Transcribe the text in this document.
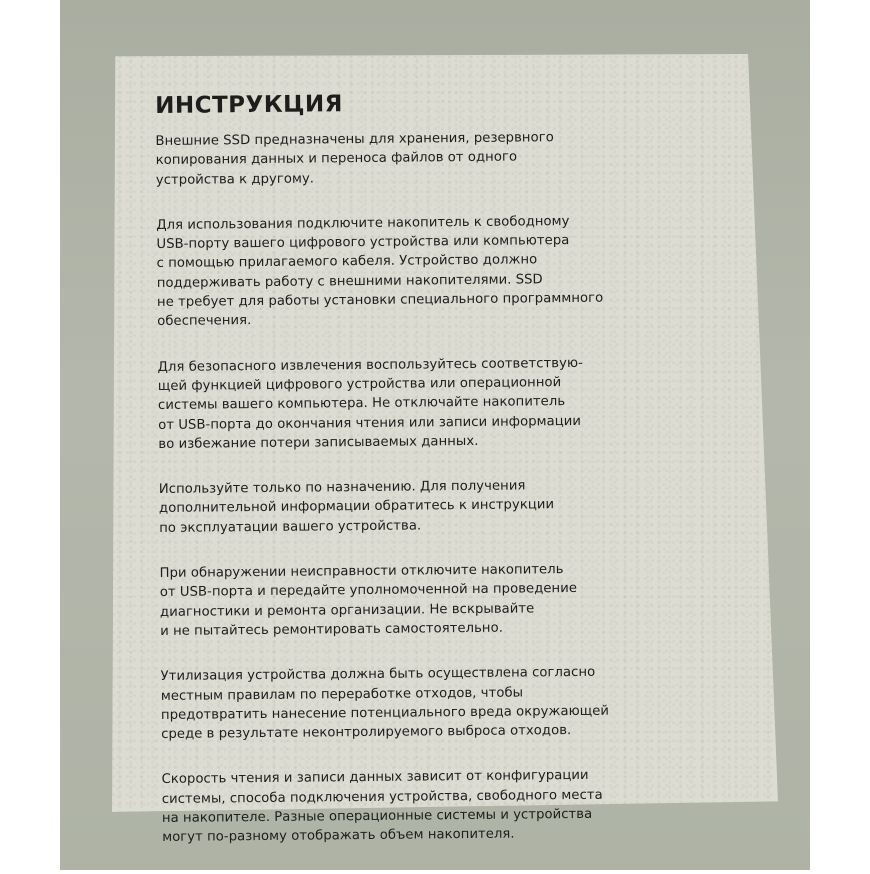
ИНСТРУКЦИЯ
Внешние SSD предназначены для хранения, резервного
копирования данных и переноса файлов от одного
устройства к другому.
Для использования подключите накопитель к свободному
USB-порту вашего цифрового устройства или компьютера
с помощью прилагаемого кабеля. Устройство должно
поддерживать работу с внешними накопителями. SSD
не требует для работы установки специального программного
обеспечения.
Для безопасного извлечения воспользуйтесь соответствую-
щей функцией цифрового устройства или операционной
системы вашего компьютера. Не отключайте накопитель
от USB-порта до окончания чтения или записи информации
во избежание потери записываемых данных.
Используйте только по назначению. Для получения
дополнительной информации обратитесь к инструкции
по эксплуатации вашего устройства.
При обнаружении неисправности отключите накопитель
от USB-порта и передайте уполномоченной на проведение
диагностики и ремонта организации. Не вскрывайте
и не пытайтесь ремонтировать самостоятельно.
Утилизация устройства должна быть осуществлена согласно
местным правилам по переработке отходов, чтобы
предотвратить нанесение потенциального вреда окружающей
среде в результате неконтролируемого выброса отходов.
Скорость чтения и записи данных зависит от конфигурации
системы, способа подключения устройства, свободного места
на накопителе. Разные операционные системы и устройства
могут по-разному отображать объем накопителя.
